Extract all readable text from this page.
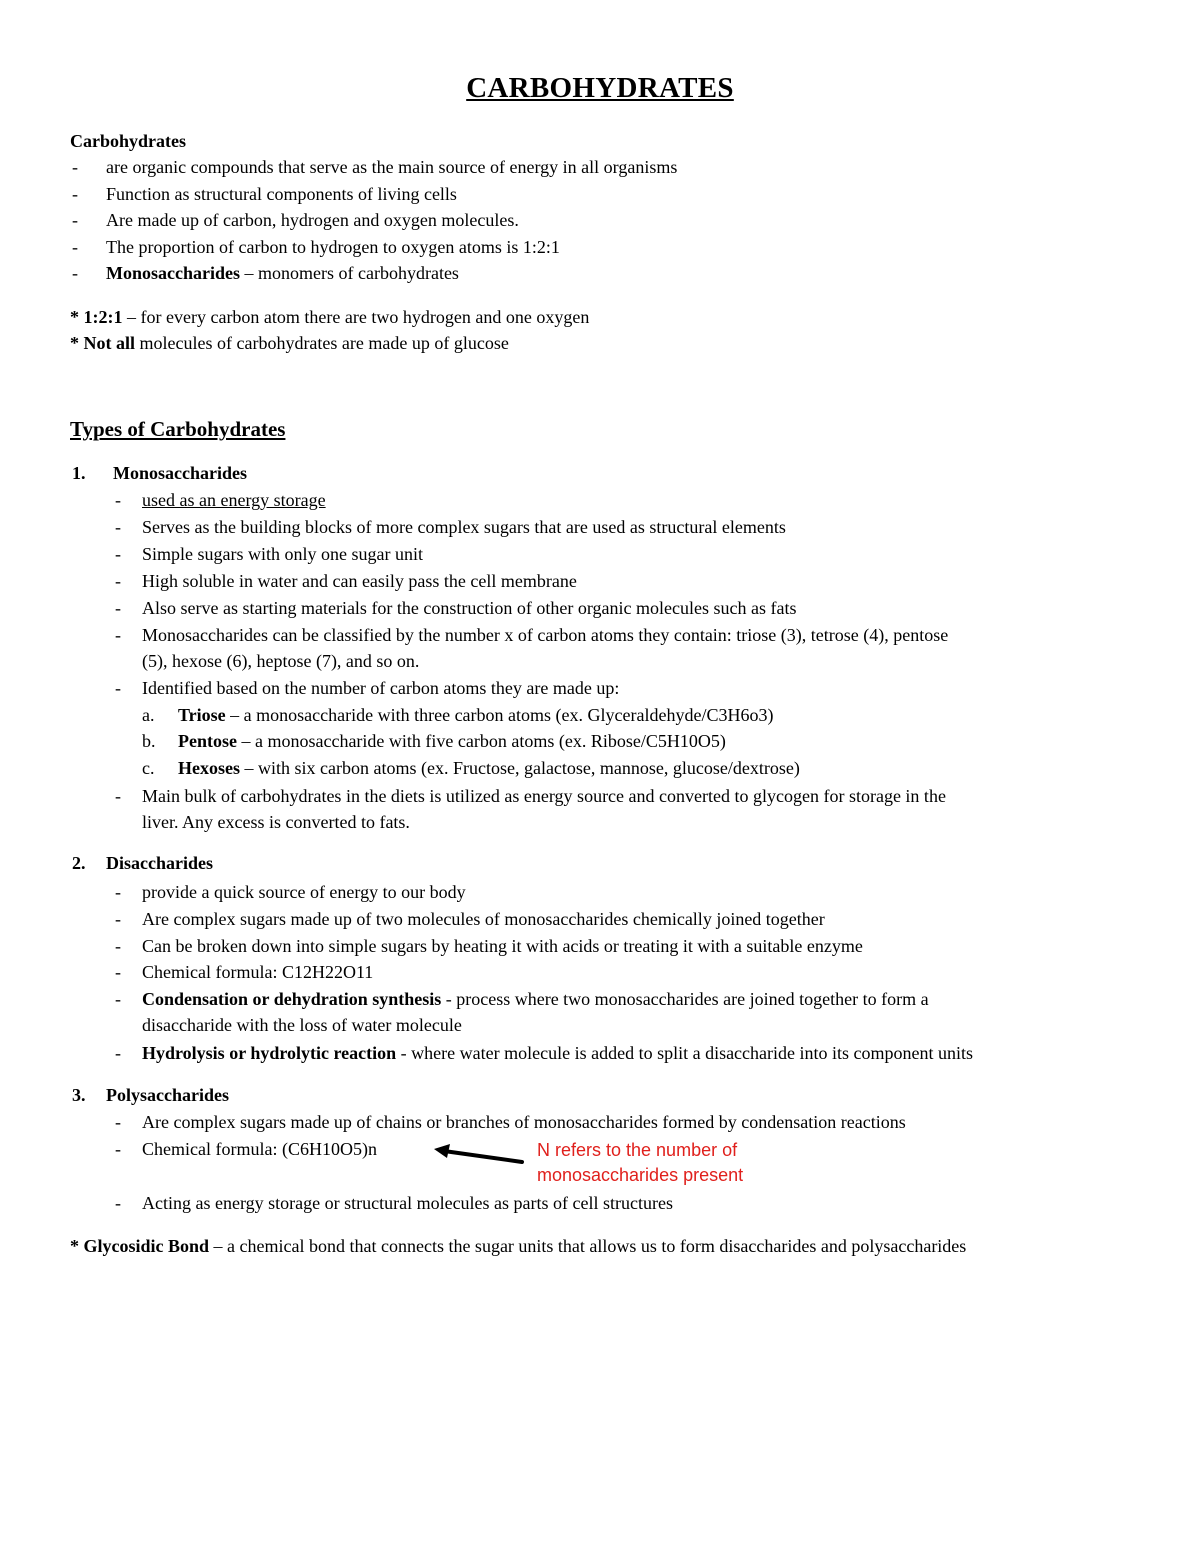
CARBOHYDRATES
Carbohydrates
- are organic compounds that serve as the main source of energy in all organisms
- Function as structural components of living cells
- Are made up of carbon, hydrogen and oxygen molecules.
- The proportion of carbon to hydrogen to oxygen atoms is 1:2:1
- Monosaccharides – monomers of carbohydrates
* 1:2:1 – for every carbon atom there are two hydrogen and one oxygen
* Not all molecules of carbohydrates are made up of glucose
Types of Carbohydrates
1. Monosaccharides
- used as an energy storage
- Serves as the building blocks of more complex sugars that are used as structural elements
- Simple sugars with only one sugar unit
- High soluble in water and can easily pass the cell membrane
- Also serve as starting materials for the construction of other organic molecules such as fats
- Monosaccharides can be classified by the number x of carbon atoms they contain: triose (3), tetrose (4), pentose
(5), hexose (6), heptose (7), and so on.
- Identified based on the number of carbon atoms they are made up:
a. Triose – a monosaccharide with three carbon atoms (ex. Glyceraldehyde/C3H6o3)
b. Pentose – a monosaccharide with five carbon atoms (ex. Ribose/C5H10O5)
c. Hexoses – with six carbon atoms (ex. Fructose, galactose, mannose, glucose/dextrose)
- Main bulk of carbohydrates in the diets is utilized as energy source and converted to glycogen for storage in the
liver. Any excess is converted to fats.
2. Disaccharides
- provide a quick source of energy to our body
- Are complex sugars made up of two molecules of monosaccharides chemically joined together
- Can be broken down into simple sugars by heating it with acids or treating it with a suitable enzyme
- Chemical formula: C12H22O11
- Condensation or dehydration synthesis - process where two monosaccharides are joined together to form a
disaccharide with the loss of water molecule
- Hydrolysis or hydrolytic reaction - where water molecule is added to split a disaccharide into its component units
3. Polysaccharides
- Are complex sugars made up of chains or branches of monosaccharides formed by condensation reactions
- Chemical formula: (C6H10O5)n	N refers to the number of
monosaccharides present
- Acting as energy storage or structural molecules as parts of cell structures
* Glycosidic Bond – a chemical bond that connects the sugar units that allows us to form disaccharides and polysaccharides
